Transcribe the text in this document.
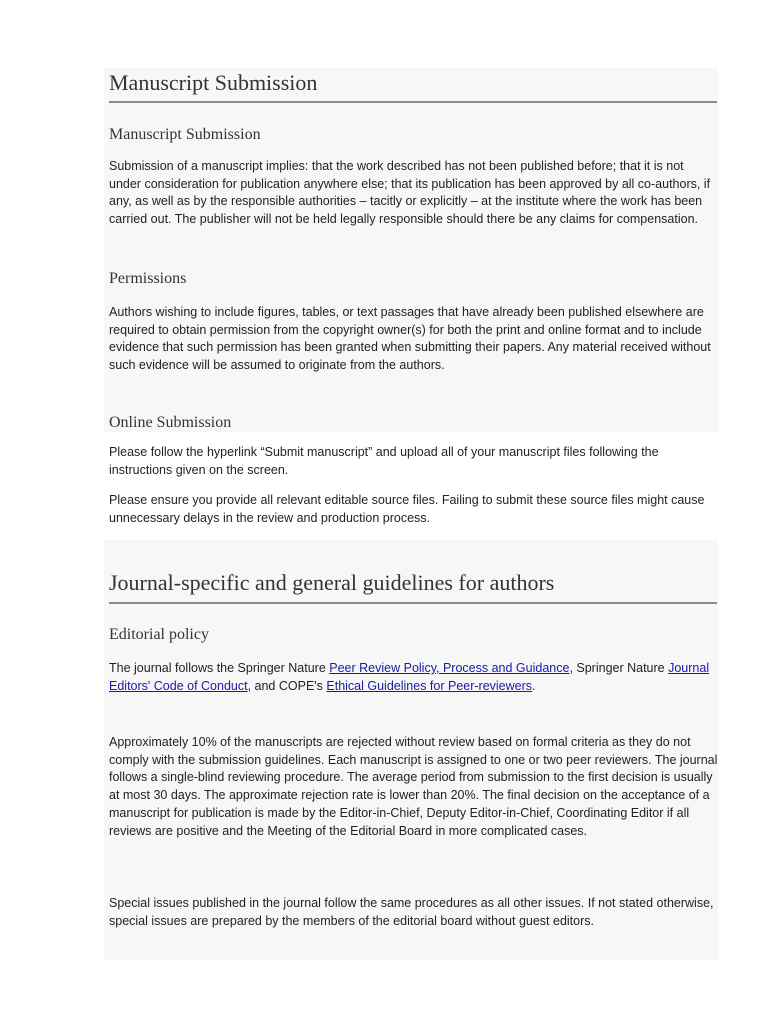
Manuscript Submission
Manuscript Submission

Submission of a manuscript implies: that the work described has not been published before; that it is not under consideration for publication anywhere else; that its publication has been approved by all co-authors, if any, as well as by the responsible authorities – tacitly or explicitly – at the institute where the work has been carried out. The publisher will not be held legally responsible should there be any claims for compensation.

Permissions

Authors wishing to include figures, tables, or text passages that have already been published elsewhere are required to obtain permission from the copyright owner(s) for both the print and online format and to include evidence that such permission has been granted when submitting their papers. Any material received without such evidence will be assumed to originate from the authors.

Online Submission

Please follow the hyperlink “Submit manuscript” and upload all of your manuscript files following the instructions given on the screen.

Please ensure you provide all relevant editable source files. Failing to submit these source files might cause unnecessary delays in the review and production process.

Journal-specific and general guidelines for authors
Editorial policy

The journal follows the Springer Nature Peer Review Policy, Process and Guidance, Springer Nature Journal Editors' Code of Conduct, and COPE's Ethical Guidelines for Peer-reviewers.

Approximately 10% of the manuscripts are rejected without review based on formal criteria as they do not comply with the submission guidelines. Each manuscript is assigned to one or two peer reviewers. The journal follows a single-blind reviewing procedure. The average period from submission to the first decision is usually at most 30 days. The approximate rejection rate is lower than 20%. The final decision on the acceptance of a manuscript for publication is made by the Editor-in-Chief, Deputy Editor-in-Chief, Coordinating Editor if all reviews are positive and the Meeting of the Editorial Board in more complicated cases.

Special issues published in the journal follow the same procedures as all other issues. If not stated otherwise, special issues are prepared by the members of the editorial board without guest editors.
